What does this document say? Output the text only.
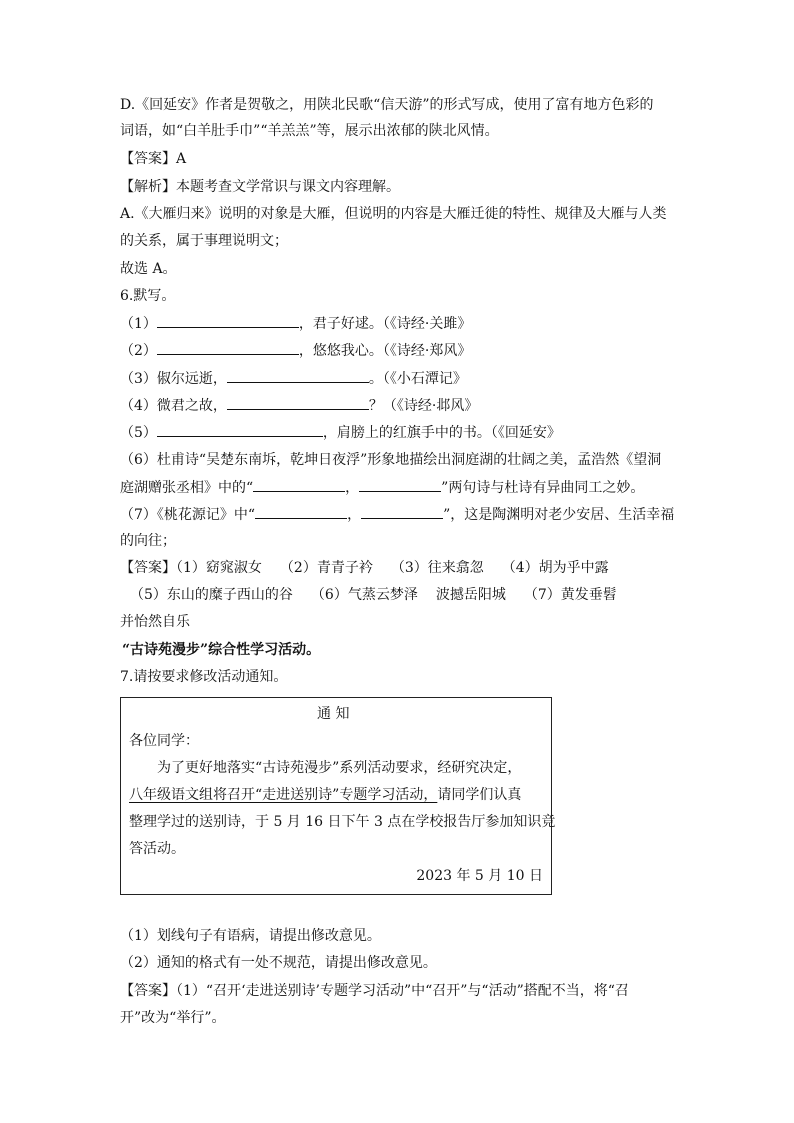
D.《回延安》作者是贺敬之，用陕北民歌“信天游”的形式写成，使用了富有地方色彩的
词语，如“白羊肚手巾”“羊羔羔”等，展示出浓郁的陕北风情。
【答案】A
【解析】本题考查文学常识与课文内容理解。
A.《大雁归来》说明的对象是大雁，但说明的内容是大雁迁徙的特性、规律及大雁与人类
的关系，属于事理说明文；
故选 A。
6.默写。
（1）	，君子好逑。（《诗经·关雎》
（2）	，悠悠我心。（《诗经·郑风》
（3）俶尔远逝，	。（《小石潭记》
（4）微君之故，	？（《诗经·邶风》
（5）	，肩膀上的红旗手中的书。（《回延安》
（6）杜甫诗“吴楚东南坼，乾坤日夜浮”形象地描绘出洞庭湖的壮阔之美，孟浩然《望洞
庭湖赠张丞相》中的“	，	”两句诗与杜诗有异曲同工之妙。
（7）《桃花源记》中“	，	”，这是陶渊明对老少安居、生活幸福
的向往；
【答案】（1）窈窕淑女 （2）青青子衿 （3）往来翕忽 （4）胡为乎中露
（5）东山的糜子西山的谷 （6）气蒸云梦泽 波撼岳阳城 （7）黄发垂髫
并怡然自乐
“古诗苑漫步”综合性学习活动。
7.请按要求修改活动通知。
通 知
各位同学：
为了更好地落实“古诗苑漫步”系列活动要求，经研究决定，
八年级语文组将召开“走进送别诗”专题学习活动，请同学们认真
整理学过的送别诗，于 5 月 16 日下午 3 点在学校报告厅参加知识竞
答活动。
2023 年 5 月 10 日
（1）划线句子有语病，请提出修改意见。
（2）通知的格式有一处不规范，请提出修改意见。
【答案】（1）“召开‘走进送别诗’专题学习活动”中“召开”与“活动”搭配不当，将“召
开”改为“举行”。
